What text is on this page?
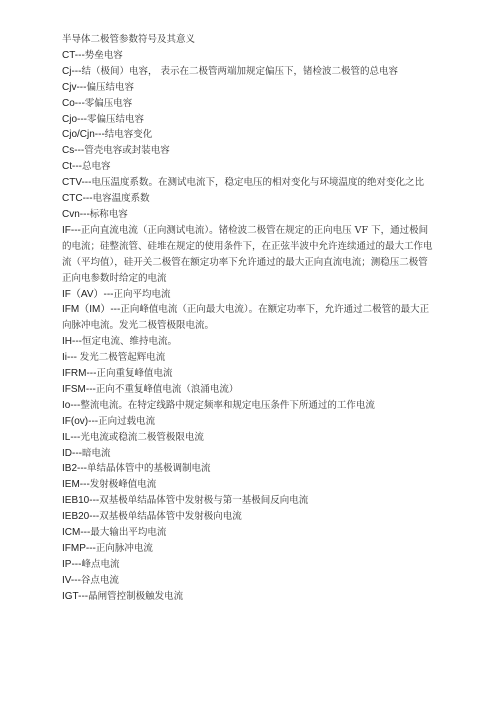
半导体二极管参数符号及其意义

CT---势垒电容

Cj---结（极间）电容， 表示在二极管两端加规定偏压下，锗检波二极管的总电容

Cjv---偏压结电容

Co---零偏压电容

Cjo---零偏压结电容

Cjo/Cjn---结电容变化

Cs---管壳电容或封装电容

Ct---总电容

CTV---电压温度系数。在测试电流下，稳定电压的相对变化与环境温度的绝对变化之比

CTC---电容温度系数

Cvn---标称电容

IF---正向直流电流（正向测试电流）。锗检波二极管在规定的正向电压 VF 下，通过极间的电流；硅整流管、硅堆在规定的使用条件下，在正弦半波中允许连续通过的最大工作电流（平均值），硅开关二极管在额定功率下允许通过的最大正向直流电流；测稳压二极管正向电参数时给定的电流

IF（AV）---正向平均电流

IFM（IM）---正向峰值电流（正向最大电流）。在额定功率下，允许通过二极管的最大正向脉冲电流。发光二极管极限电流。

IH---恒定电流、维持电流。

Ii--- 发光二极管起辉电流

IFRM---正向重复峰值电流

IFSM---正向不重复峰值电流（浪涌电流）

Io---整流电流。在特定线路中规定频率和规定电压条件下所通过的工作电流

IF(ov)---正向过载电流

IL---光电流或稳流二极管极限电流

ID---暗电流

IB2---单结晶体管中的基极调制电流

IEM---发射极峰值电流

IEB10---双基极单结晶体管中发射极与第一基极间反向电流

IEB20---双基极单结晶体管中发射极向电流

ICM---最大输出平均电流

IFMP---正向脉冲电流

IP---峰点电流

IV---谷点电流

IGT---晶闸管控制极触发电流
